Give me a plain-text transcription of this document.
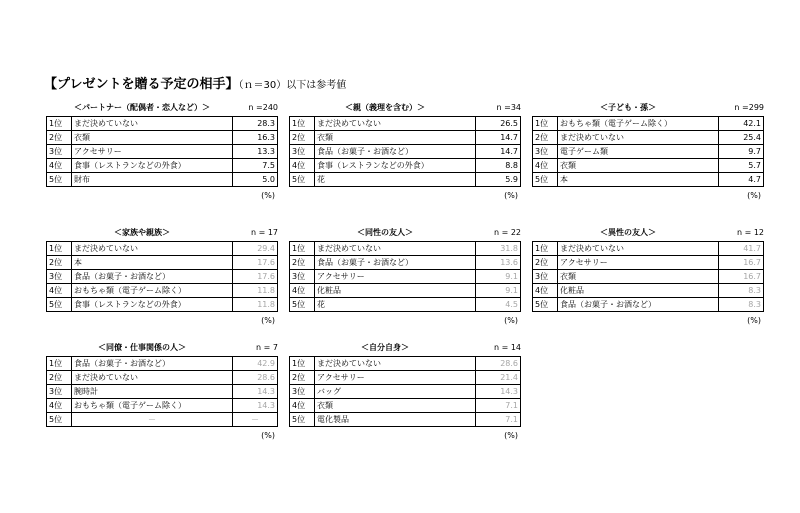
【プレゼントを贈る予定の相手】（ｎ＝30）以下は参考値
＜パートナー（配偶者・恋人など）＞	n =240
1位	まだ決めていない	28.3
2位	衣類	16.3
3位	アクセサリー	13.3
4位	食事（レストランなどの外食）	7.5
5位	財布	5.0
(%)
＜親（義理を含む）＞	n =34
1位	まだ決めていない	26.5
2位	衣類	14.7
3位	食品（お菓子・お酒など）	14.7
4位	食事（レストランなどの外食）	8.8
5位	花	5.9
(%)
＜子ども・孫＞	n =299
1位	おもちゃ類（電子ゲーム除く）	42.1
2位	まだ決めていない	25.4
3位	電子ゲーム類	9.7
4位	衣類	5.7
5位	本	4.7
(%)
＜家族や親族＞	n = 17
1位	まだ決めていない	29.4
2位	本	17.6
3位	食品（お菓子・お酒など）	17.6
4位	おもちゃ類（電子ゲーム除く）	11.8
5位	食事（レストランなどの外食）	11.8
(%)
＜同性の友人＞	n = 22
1位	まだ決めていない	31.8
2位	食品（お菓子・お酒など）	13.6
3位	アクセサリー	9.1
4位	化粧品	9.1
5位	花	4.5
(%)
＜異性の友人＞	n = 12
1位	まだ決めていない	41.7
2位	アクセサリー	16.7
3位	衣類	16.7
4位	化粧品	8.3
5位	食品（お菓子・お酒など）	8.3
(%)
＜同僚・仕事関係の人＞	n = 7
1位	食品（お菓子・お酒など）	42.9
2位	まだ決めていない	28.6
3位	腕時計	14.3
4位	おもちゃ類（電子ゲーム除く）	14.3
5位	－	－
(%)
＜自分自身＞	n = 14
1位	まだ決めていない	28.6
2位	アクセサリー	21.4
3位	バッグ	14.3
4位	衣類	7.1
5位	電化製品	7.1
(%)
